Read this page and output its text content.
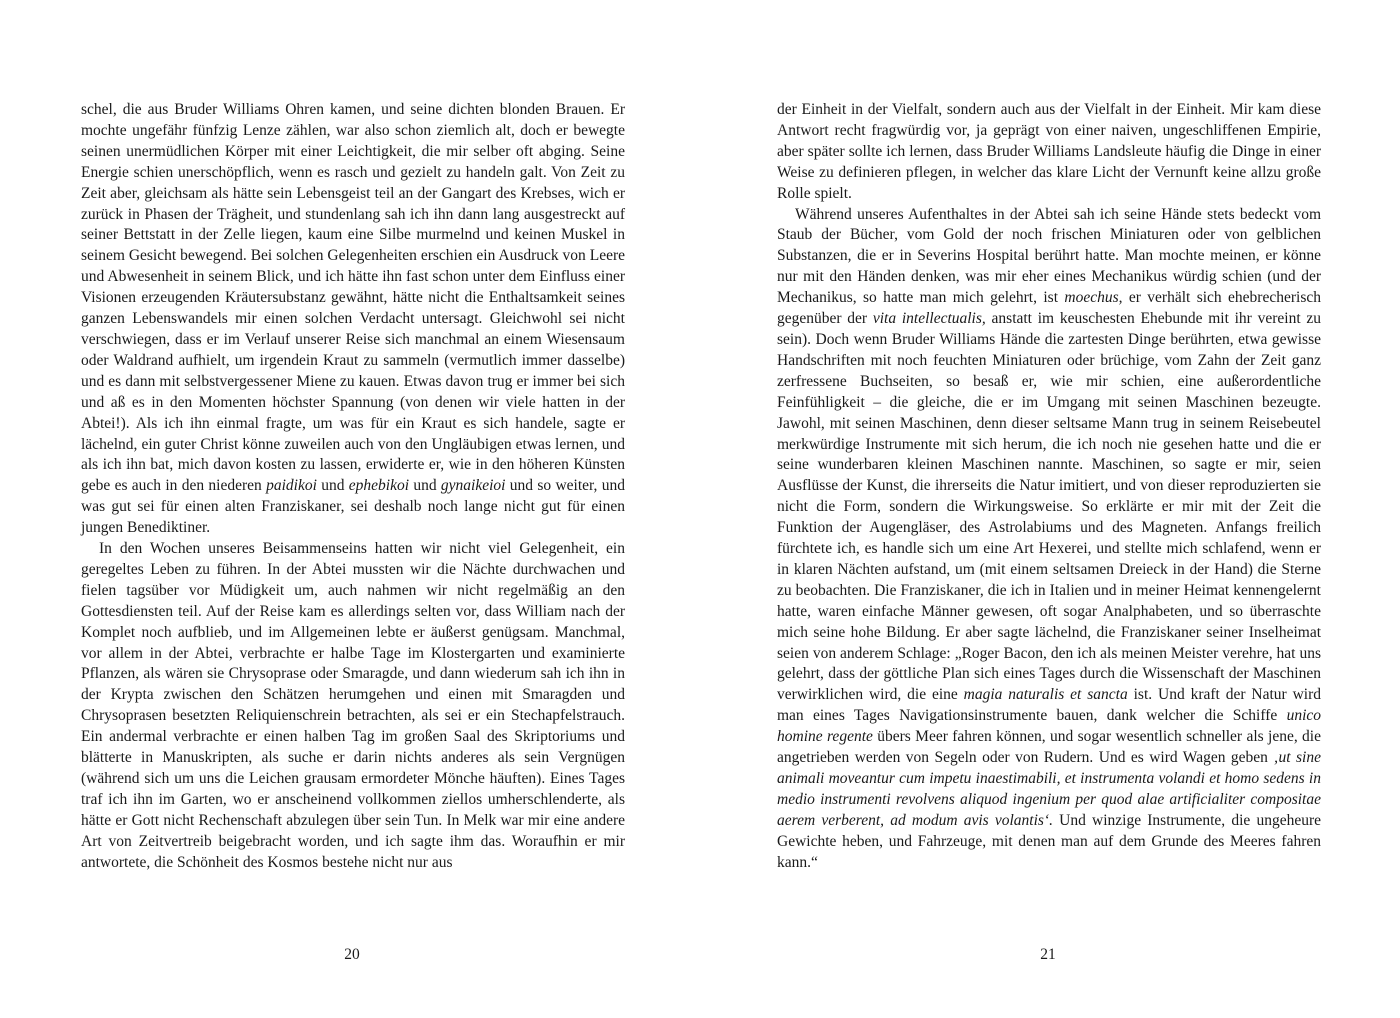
schel, die aus Bruder Williams Ohren kamen, und seine dichten blonden Brauen. Er mochte ungefähr fünfzig Lenze zählen, war also schon ziemlich alt, doch er bewegte seinen unermüdlichen Körper mit einer Leichtigkeit, die mir selber oft abging. Seine Energie schien unerschöpflich, wenn es rasch und gezielt zu handeln galt. Von Zeit zu Zeit aber, gleichsam als hätte sein Lebensgeist teil an der Gangart des Krebses, wich er zurück in Phasen der Trägheit, und stundenlang sah ich ihn dann lang ausgestreckt auf seiner Bettstatt in der Zelle liegen, kaum eine Silbe murmelnd und keinen Muskel in seinem Gesicht bewegend. Bei solchen Gelegenheiten erschien ein Ausdruck von Leere und Abwesenheit in seinem Blick, und ich hätte ihn fast schon unter dem Einfluss einer Visionen erzeugenden Kräutersubstanz gewähnt, hätte nicht die Enthaltsamkeit seines ganzen Lebenswandels mir einen solchen Verdacht untersagt. Gleichwohl sei nicht verschwiegen, dass er im Verlauf unserer Reise sich manchmal an einem Wiesensaum oder Waldrand aufhielt, um irgendein Kraut zu sammeln (vermutlich immer dasselbe) und es dann mit selbstvergessener Miene zu kauen. Etwas davon trug er immer bei sich und aß es in den Momenten höchster Spannung (von denen wir viele hatten in der Abtei!). Als ich ihn einmal fragte, um was für ein Kraut es sich handele, sagte er lächelnd, ein guter Christ könne zuweilen auch von den Ungläubigen etwas lernen, und als ich ihn bat, mich davon kosten zu lassen, erwiderte er, wie in den höheren Künsten gebe es auch in den niederen paidikoi und ephebikoi und gynaikeioi und so weiter, und was gut sei für einen alten Franziskaner, sei deshalb noch lange nicht gut für einen jungen Benediktiner.

In den Wochen unseres Beisammenseins hatten wir nicht viel Gelegenheit, ein geregeltes Leben zu führen. In der Abtei mussten wir die Nächte durchwachen und fielen tagsüber vor Müdigkeit um, auch nahmen wir nicht regelmäßig an den Gottesdiensten teil. Auf der Reise kam es allerdings selten vor, dass William nach der Komplet noch aufblieb, und im Allgemeinen lebte er äußerst genügsam. Manchmal, vor allem in der Abtei, verbrachte er halbe Tage im Klostergarten und examinierte Pflanzen, als wären sie Chrysoprase oder Smaragde, und dann wiederum sah ich ihn in der Krypta zwischen den Schätzen herumgehen und einen mit Smaragden und Chrysoprasen besetzten Reliquienschrein betrachten, als sei er ein Stechapfelstrauch. Ein andermal verbrachte er einen halben Tag im großen Saal des Skriptoriums und blätterte in Manuskripten, als suche er darin nichts anderes als sein Vergnügen (während sich um uns die Leichen grausam ermordeter Mönche häuften). Eines Tages traf ich ihn im Garten, wo er anscheinend vollkommen ziellos umherschlenderte, als hätte er Gott nicht Rechenschaft abzulegen über sein Tun. In Melk war mir eine andere Art von Zeitvertreib beigebracht worden, und ich sagte ihm das. Woraufhin er mir antwortete, die Schönheit des Kosmos bestehe nicht nur aus

20

der Einheit in der Vielfalt, sondern auch aus der Vielfalt in der Einheit. Mir kam diese Antwort recht fragwürdig vor, ja geprägt von einer naiven, ungeschliffenen Empirie, aber später sollte ich lernen, dass Bruder Williams Landsleute häufig die Dinge in einer Weise zu definieren pflegen, in welcher das klare Licht der Vernunft keine allzu große Rolle spielt.

Während unseres Aufenthaltes in der Abtei sah ich seine Hände stets bedeckt vom Staub der Bücher, vom Gold der noch frischen Miniaturen oder von gelblichen Substanzen, die er in Severins Hospital berührt hatte. Man mochte meinen, er könne nur mit den Händen denken, was mir eher eines Mechanikus würdig schien (und der Mechanikus, so hatte man mich gelehrt, ist moechus, er verhält sich ehebrecherisch gegenüber der vita intellectualis, anstatt im keuschesten Ehebunde mit ihr vereint zu sein). Doch wenn Bruder Williams Hände die zartesten Dinge berührten, etwa gewisse Handschriften mit noch feuchten Miniaturen oder brüchige, vom Zahn der Zeit ganz zerfressene Buchseiten, so besaß er, wie mir schien, eine außerordentliche Feinfühligkeit – die gleiche, die er im Umgang mit seinen Maschinen bezeugte. Jawohl, mit seinen Maschinen, denn dieser seltsame Mann trug in seinem Reisebeutel merkwürdige Instrumente mit sich herum, die ich noch nie gesehen hatte und die er seine wunderbaren kleinen Maschinen nannte. Maschinen, so sagte er mir, seien Ausflüsse der Kunst, die ihrerseits die Natur imitiert, und von dieser reproduzierten sie nicht die Form, sondern die Wirkungsweise. So erklärte er mir mit der Zeit die Funktion der Augengläser, des Astrolabiums und des Magneten. Anfangs freilich fürchtete ich, es handle sich um eine Art Hexerei, und stellte mich schlafend, wenn er in klaren Nächten aufstand, um (mit einem seltsamen Dreieck in der Hand) die Sterne zu beobachten. Die Franziskaner, die ich in Italien und in meiner Heimat kennengelernt hatte, waren einfache Männer gewesen, oft sogar Analphabeten, und so überraschte mich seine hohe Bildung. Er aber sagte lächelnd, die Franziskaner seiner Inselheimat seien von anderem Schlage: „Roger Bacon, den ich als meinen Meister verehre, hat uns gelehrt, dass der göttliche Plan sich eines Tages durch die Wissenschaft der Maschinen verwirklichen wird, die eine magia naturalis et sancta ist. Und kraft der Natur wird man eines Tages Navigationsinstrumente bauen, dank welcher die Schiffe unico homine regente übers Meer fahren können, und sogar wesentlich schneller als jene, die angetrieben werden von Segeln oder von Rudern. Und es wird Wagen geben ‚ut sine animali moveantur cum impetu inaestimabili, et instrumenta volandi et homo sedens in medio instrumenti revolvens aliquod ingenium per quod alae artificialiter compositae aerem verberent, ad modum avis volantis‘. Und winzige Instrumente, die ungeheure Gewichte heben, und Fahrzeuge, mit denen man auf dem Grunde des Meeres fahren kann.“

21
